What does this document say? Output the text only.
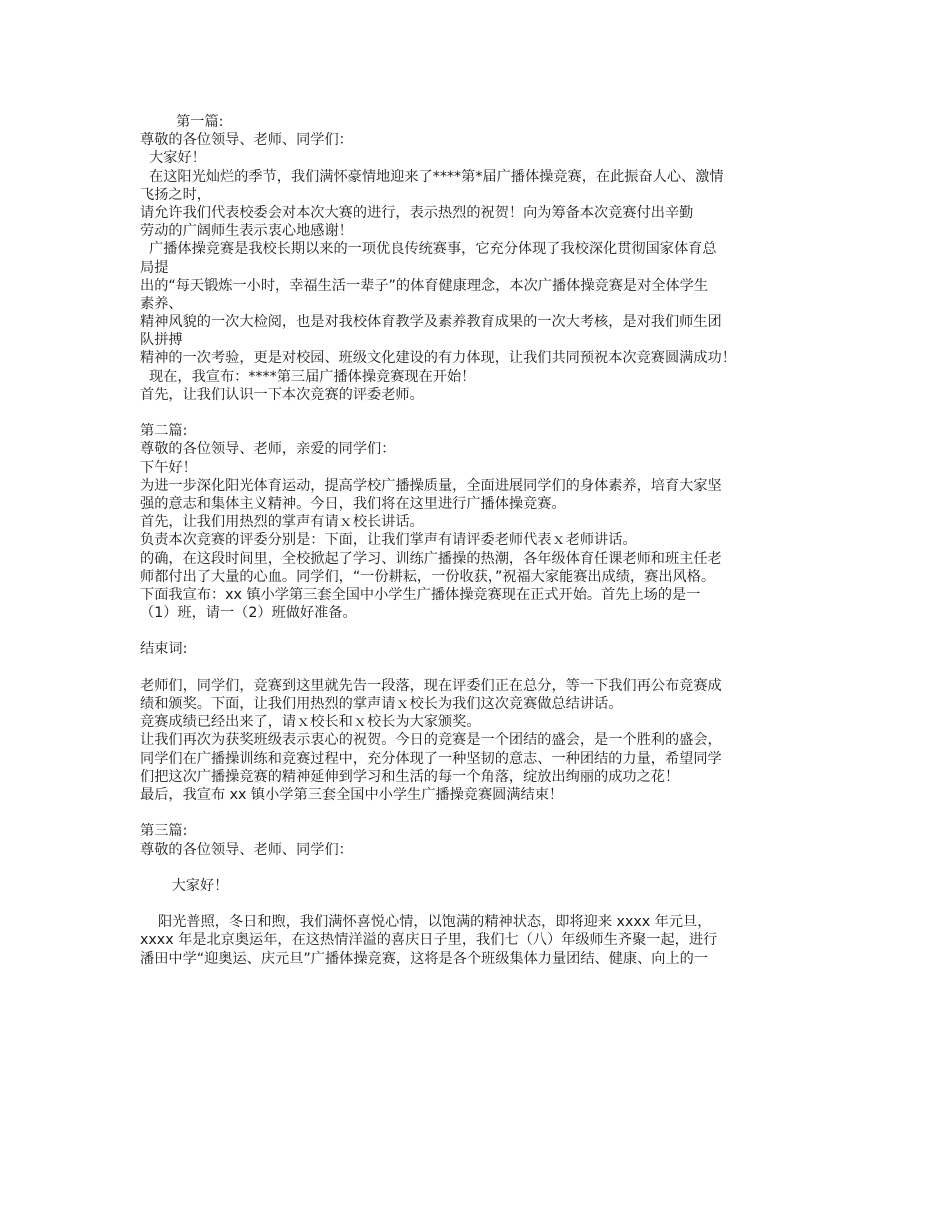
第一篇:
尊敬的各位领导、老师、同学们：
大家好！
在这阳光灿烂的季节，我们满怀豪情地迎来了****第*届广播体操竞赛，在此振奋人心、激情
飞扬之时，
请允许我们代表校委会对本次大赛的进行，表示热烈的祝贺！向为筹备本次竞赛付出辛勤
劳动的广阔师生表示衷心地感谢！
广播体操竞赛是我校长期以来的一项优良传统赛事，它充分体现了我校深化贯彻国家体育总
局提
出的“每天锻炼一小时，幸福生活一辈子”的体育健康理念，本次广播体操竞赛是对全体学生
素养、
精神风貌的一次大检阅，也是对我校体育教学及素养教育成果的一次大考核，是对我们师生团
队拼搏
精神的一次考验，更是对校园、班级文化建设的有力体现，让我们共同预祝本次竞赛圆满成功！
现在，我宣布：****第三届广播体操竞赛现在开始！
首先，让我们认识一下本次竞赛的评委老师。
第二篇:
尊敬的各位领导、老师，亲爱的同学们：
下午好！
为进一步深化阳光体育运动，提高学校广播操质量，全面进展同学们的身体素养，培育大家坚
强的意志和集体主义精神。今日，我们将在这里进行广播体操竞赛。
首先，让我们用热烈的掌声有请ｘ校长讲话。
负责本次竞赛的评委分别是：下面，让我们掌声有请评委老师代表ｘ老师讲话。
的确，在这段时间里，全校掀起了学习、训练广播操的热潮，各年级体育任课老师和班主任老
师都付出了大量的心血。同学们，“一份耕耘，一份收获，”祝福大家能赛出成绩，赛出风格。
下面我宣布：xx 镇小学第三套全国中小学生广播体操竞赛现在正式开始。首先上场的是一
（1）班，请一（2）班做好准备。
结束词:
老师们，同学们，竞赛到这里就先告一段落，现在评委们正在总分，等一下我们再公布竞赛成
绩和颁奖。下面，让我们用热烈的掌声请ｘ校长为我们这次竞赛做总结讲话。
竞赛成绩已经出来了，请ｘ校长和ｘ校长为大家颁奖。
让我们再次为获奖班级表示衷心的祝贺。今日的竞赛是一个团结的盛会，是一个胜利的盛会，
同学们在广播操训练和竞赛过程中，充分体现了一种坚韧的意志、一种团结的力量，希望同学
们把这次广播操竞赛的精神延伸到学习和生活的每一个角落，绽放出绚丽的成功之花！
最后，我宣布 xx 镇小学第三套全国中小学生广播操竞赛圆满结束！
第三篇:
尊敬的各位领导、老师、同学们：
大家好！
阳光普照，冬日和煦，我们满怀喜悦心情，以饱满的精神状态，即将迎来 xxxx 年元旦，
xxxx 年是北京奥运年，在这热情洋溢的喜庆日子里，我们七（八）年级师生齐聚一起，进行
潘田中学“迎奥运、庆元旦”广播体操竞赛，这将是各个班级集体力量团结、健康、向上的一
